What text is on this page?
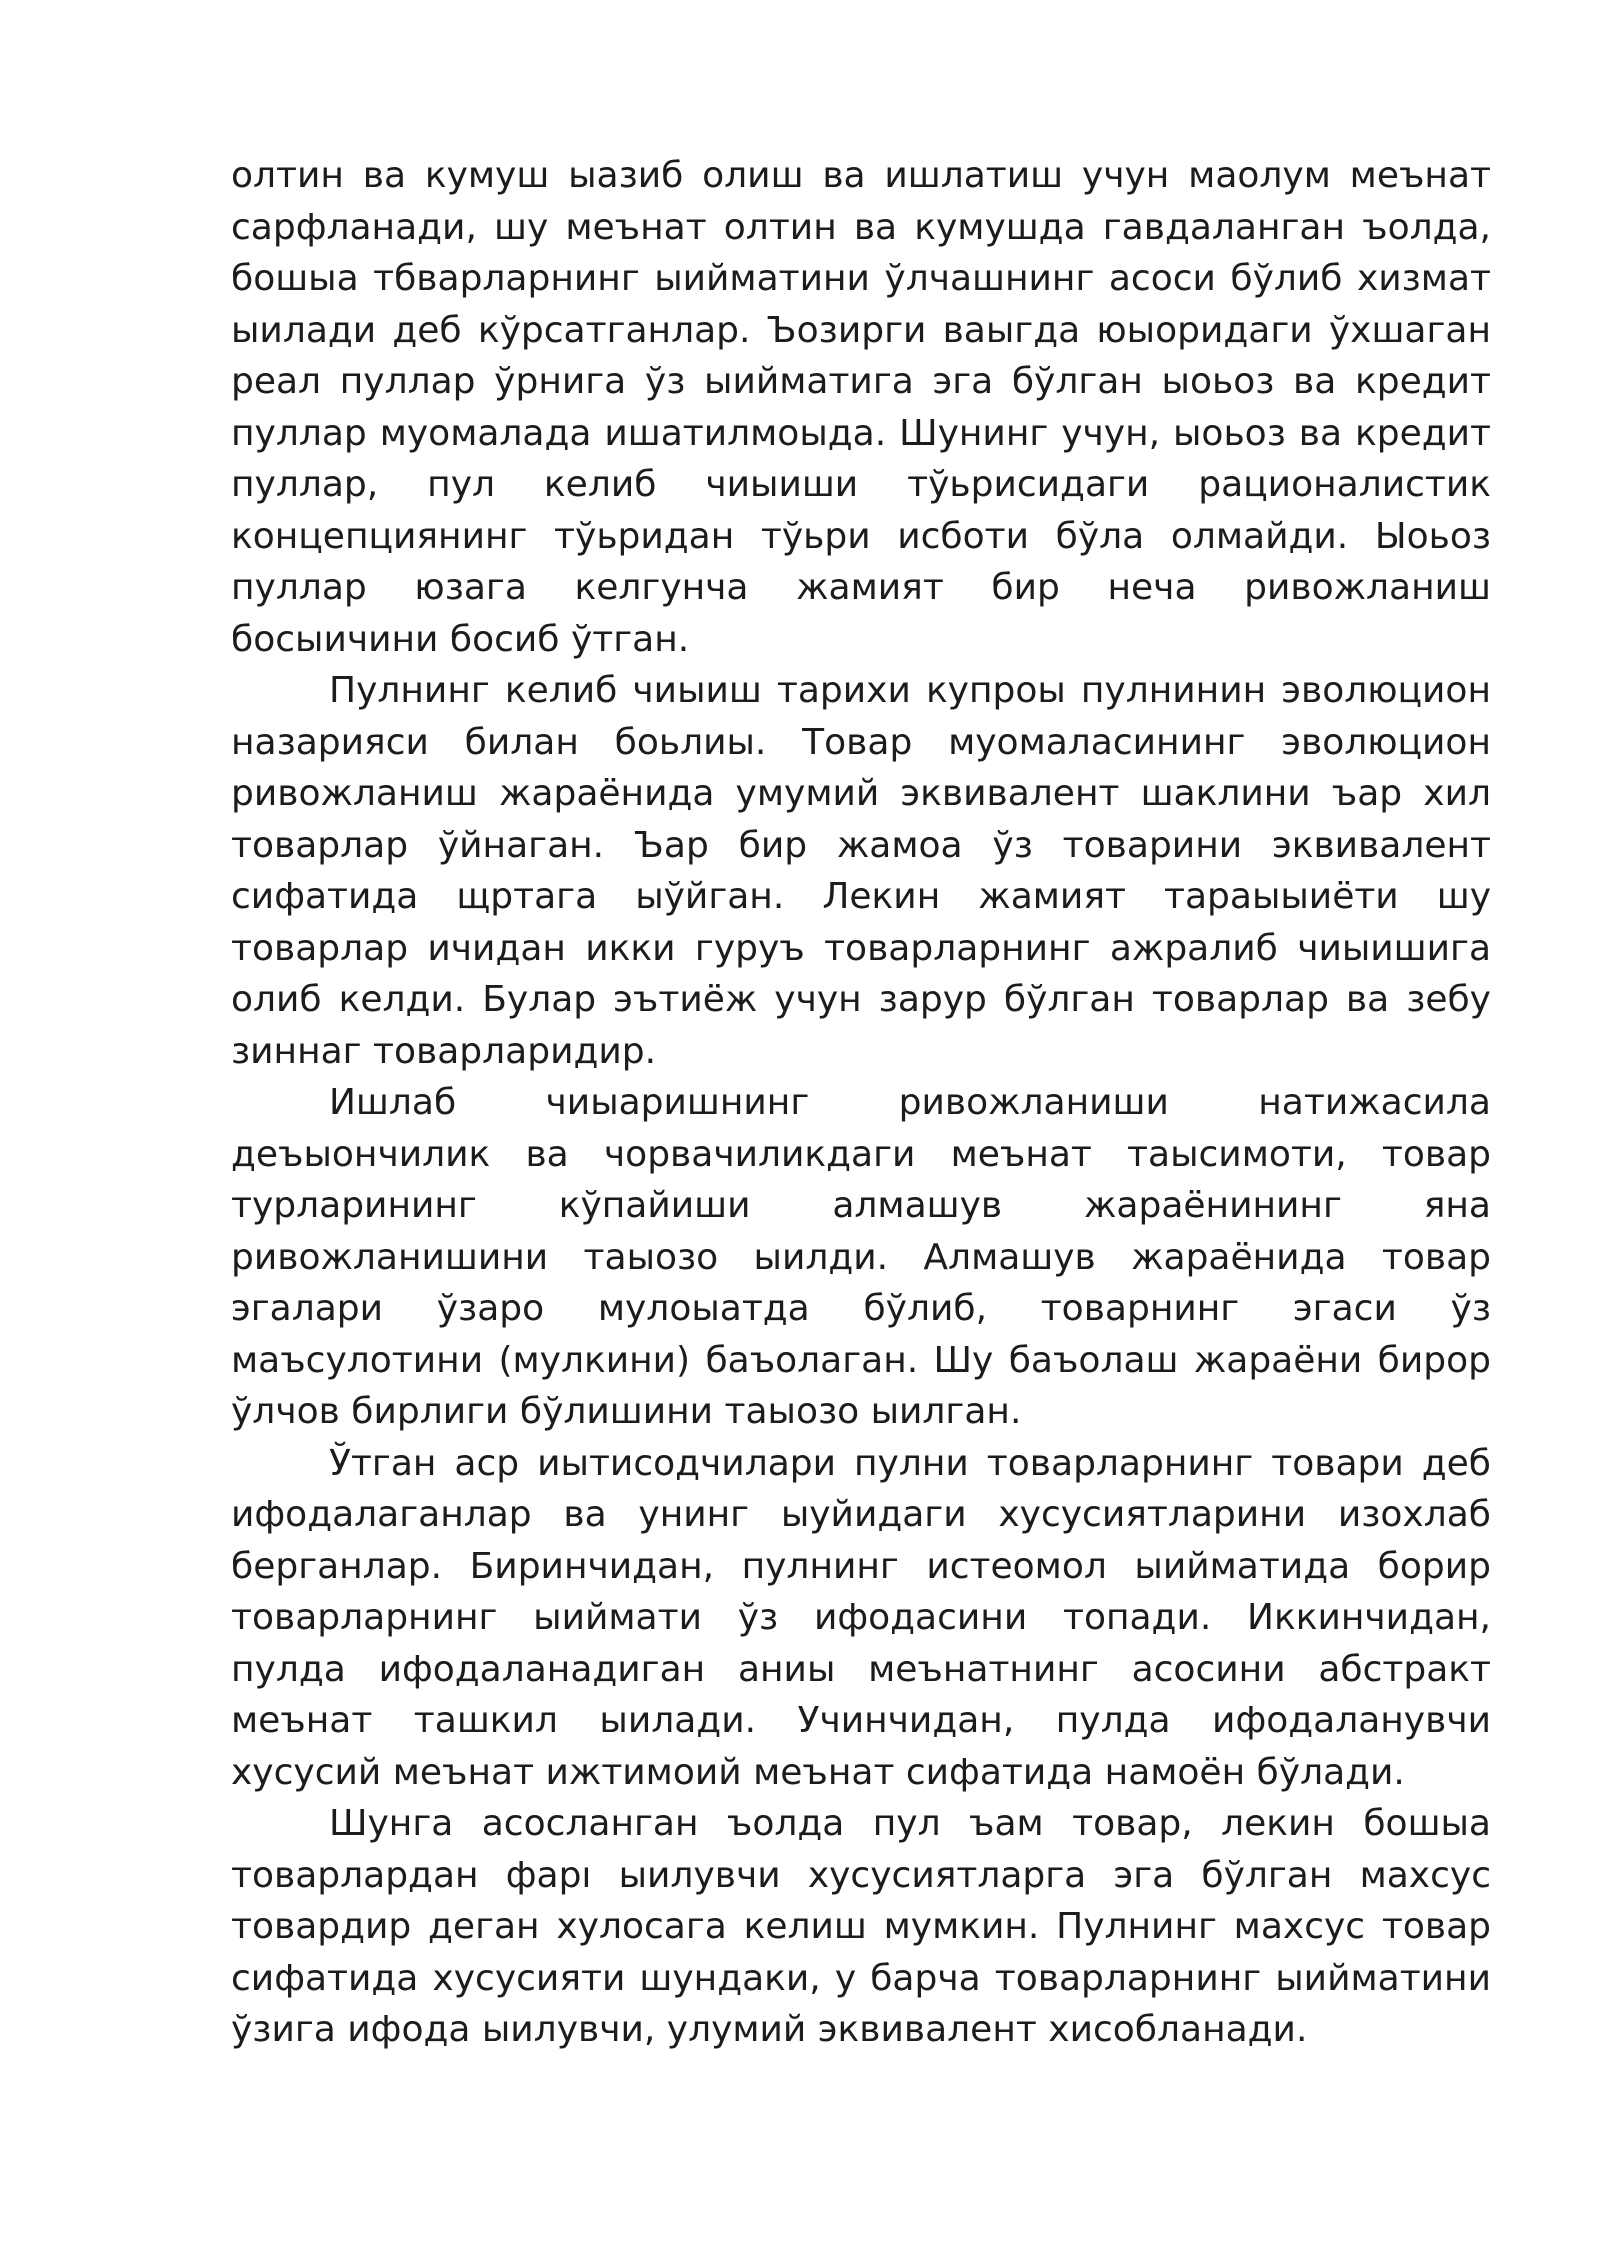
олтин ва кумуш ыазиб олиш ва ишлатиш учун маолум меънат сарфланади, шу меънат олтин ва кумушда гавдаланган ъолда, бошыа тбварларнинг ыийматини ўлчашнинг асоси бўлиб хизмат ыилади деб кўрсатганлар. Ъозирги ваыгда юыоридаги ўхшаган реал пуллар ўрнига ўз ыийматига эга бўлган ыоьоз ва кредит пуллар муомалада ишатилмоыда. Шунинг учун, ыоьоз ва кредит пуллар, пул келиб чиыиши тўьрисидаги рационалистик концепциянинг тўьридан тўьри исботи бўла олмайди. Ыоьоз пуллар юзага келгунча жамият бир неча ривожланиш босыичини босиб ўтган.

Пулнинг келиб чиыиш тарихи купроы пулнинин эволюцион назарияси билан боьлиы. Товар муомаласининг эволюцион ривожланиш жараёнида умумий эквивалент шаклини ъар хил товарлар ўйнаган. Ъар бир жамоа ўз товарини эквивалент сифатида щртага ыўйган. Лекин жамият тараыыиёти шу товарлар ичидан икки гуруъ товарларнинг ажралиб чиыишига олиб келди. Булар эътиёж учун зарур бўлган товарлар ва зебу зиннаг товарларидир.

Ишлаб чиыаришнинг ривожланиши натижасила деъыончилик ва чорвачиликдаги меънат таысимоти, товар турларининг кўпайиши алмашув жараёнининг яна ривожланишини таыозо ыилди. Алмашув жараёнида товар эгалари ўзаро мулоыатда бўлиб, товарнинг эгаси ўз маъсулотини (мулкини) баъолаган. Шу баъолаш жараёни бирор ўлчов бирлиги бўлишини таыозо ыилган.

Ўтган аср иытисодчилари пулни товарларнинг товари деб ифодалаганлар ва унинг ыуйидаги хусусиятларини изохлаб берганлар. Биринчидан, пулнинг истеомол ыийматида борир товарларнинг ыиймати ўз ифодасини топади. Иккинчидан, пулда ифодаланадиган аниы меънатнинг асосини абстракт меънат ташкил ыилади. Учинчидан, пулда ифодаланувчи хусусий меънат ижтимоий меънат сифатида намоён бўлади.

Шунга асосланган ъолда пул ъам товар, лекин бошыа товарлардан фарı ыилувчи хусусиятларга эга бўлган махсус товардир деган хулосага келиш мумкин. Пулнинг махсус товар сифатида хусусияти шундаки, у барча товарларнинг ыийматини ўзига ифода ыилувчи, улумий эквивалент хисобланади.
